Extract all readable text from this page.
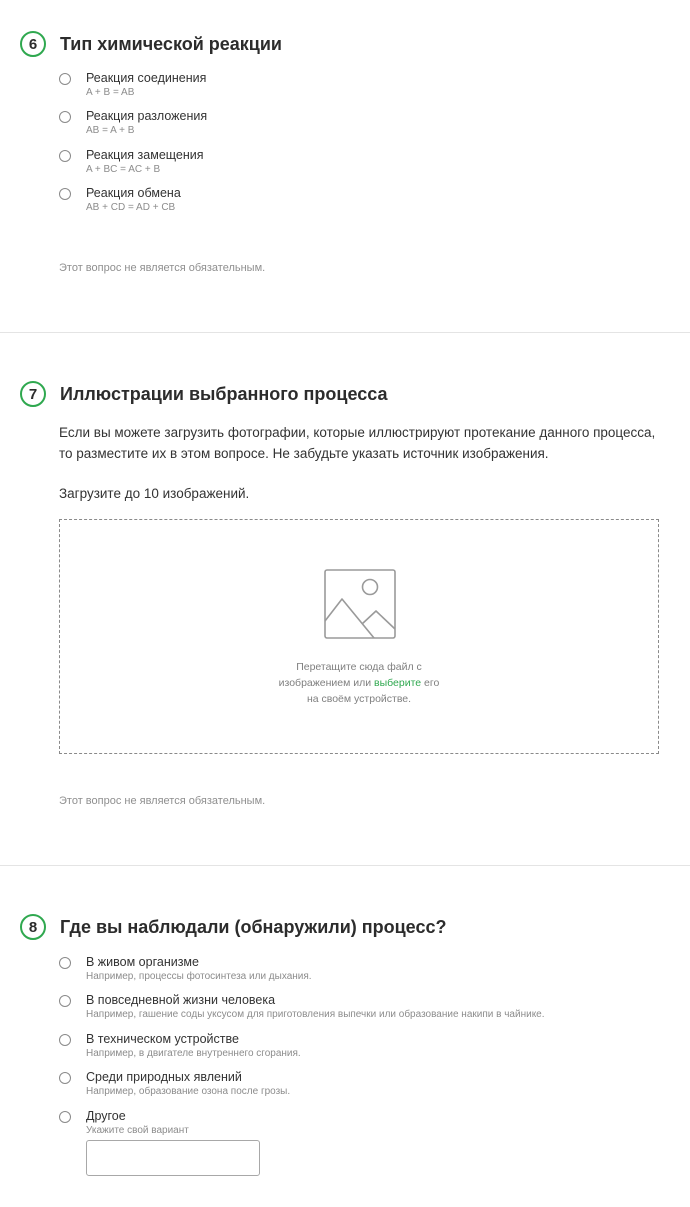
6	Тип химической реакции
Реакция соединения
A + B = AB
Реакция разложения
AB = A + B
Реакция замещения
A + BC = AC + B
Реакция обмена
AB + CD = AD + CB
Этот вопрос не является обязательным.
7	Иллюстрации выбранного процесса
Если вы можете загрузить фотографии, которые иллюстрируют протекание данного процесса, то разместите их в этом вопросе. Не забудьте указать источник изображения.
Загрузите до 10 изображений.
Перетащите сюда файл с
изображением или выберите его
на своём устройстве.
Этот вопрос не является обязательным.
8	Где вы наблюдали (обнаружили) процесс?
В живом организме
Например, процессы фотосинтеза или дыхания.
В повседневной жизни человека
Например, гашение соды уксусом для приготовления выпечки или образование накипи в чайнике.
В техническом устройстве
Например, в двигателе внутреннего сгорания.
Среди природных явлений
Например, образование озона после грозы.
Другое
Укажите свой вариант
